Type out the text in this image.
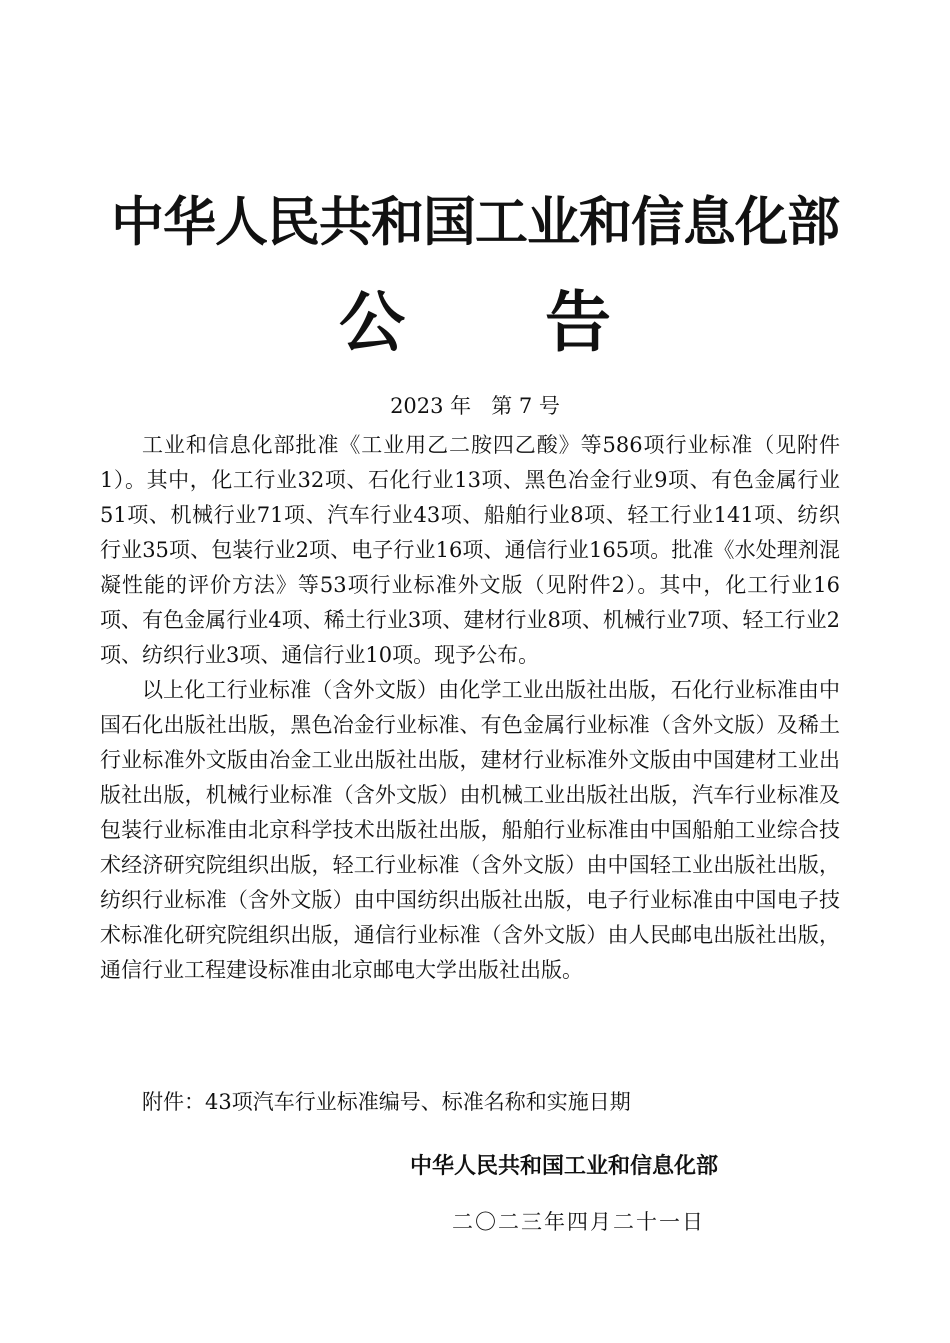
中华人民共和国工业和信息化部
公告
2023 年   第 7 号

工业和信息化部批准《工业用乙二胺四乙酸》等586项行业标准（见附件1）。其中，化工行业32项、石化行业13项、黑色冶金行业9项、有色金属行业51项、机械行业71项、汽车行业43项、船舶行业8项、轻工行业141项、纺织行业35项、包装行业2项、电子行业16项、通信行业165项。批准《水处理剂混凝性能的评价方法》等53项行业标准外文版（见附件2）。其中，化工行业16项、有色金属行业4项、稀土行业3项、建材行业8项、机械行业7项、轻工行业2项、纺织行业3项、通信行业10项。现予公布。

以上化工行业标准（含外文版）由化学工业出版社出版，石化行业标准由中国石化出版社出版，黑色冶金行业标准、有色金属行业标准（含外文版）及稀土行业标准外文版由冶金工业出版社出版，建材行业标准外文版由中国建材工业出版社出版，机械行业标准（含外文版）由机械工业出版社出版，汽车行业标准及包装行业标准由北京科学技术出版社出版，船舶行业标准由中国船舶工业综合技术经济研究院组织出版，轻工行业标准（含外文版）由中国轻工业出版社出版，纺织行业标准（含外文版）由中国纺织出版社出版，电子行业标准由中国电子技术标准化研究院组织出版，通信行业标准（含外文版）由人民邮电出版社出版，通信行业工程建设标准由北京邮电大学出版社出版。

附件：43项汽车行业标准编号、标准名称和实施日期
中华人民共和国工业和信息化部
二〇二三年四月二十一日
